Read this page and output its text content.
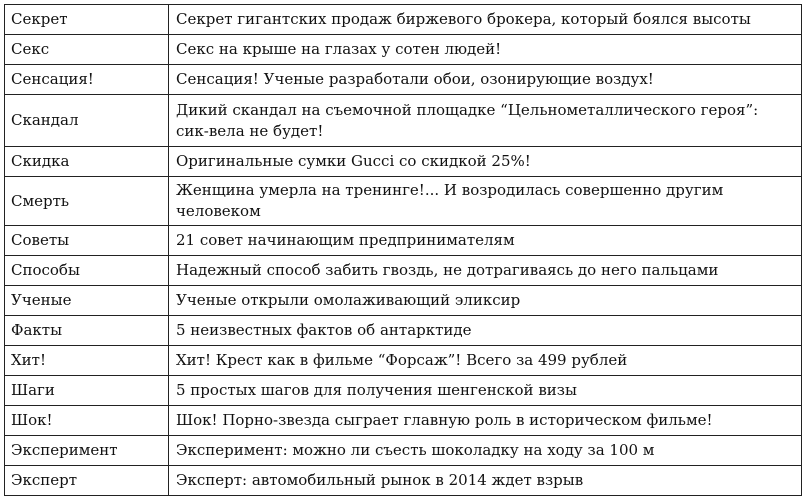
Секрет	Секрет гигантских продаж биржевого брокера, который боялся высоты
Секс	Секс на крыше на глазах у сотен людей!
Сенсация!	Сенсация! Ученые разработали обои, озонирующие воздух!
Скандал	Дикий скандал на съемочной площадке “Цельнометаллического героя”: сик-вела не будет!
Скидка	Оригинальные сумки Gucci со скидкой 25%!
Смерть	Женщина умерла на тренинге!... И возродилась совершенно другим человеком
Советы	21 совет начинающим предпринимателям
Способы	Надежный способ забить гвоздь, не дотрагиваясь до него пальцами
Ученые	Ученые открыли омолаживающий эликсир
Факты	5 неизвестных фактов об антарктиде
Хит!	Хит! Крест как в фильме “Форсаж”! Всего за 499 рублей
Шаги	5 простых шагов для получения шенгенской визы
Шок!	Шок! Порно-звезда сыграет главную роль в историческом фильме!
Эксперимент	Эксперимент: можно ли съесть шоколадку на ходу за 100 м
Эксперт	Эксперт: автомобильный рынок в 2014 ждет взрыв
